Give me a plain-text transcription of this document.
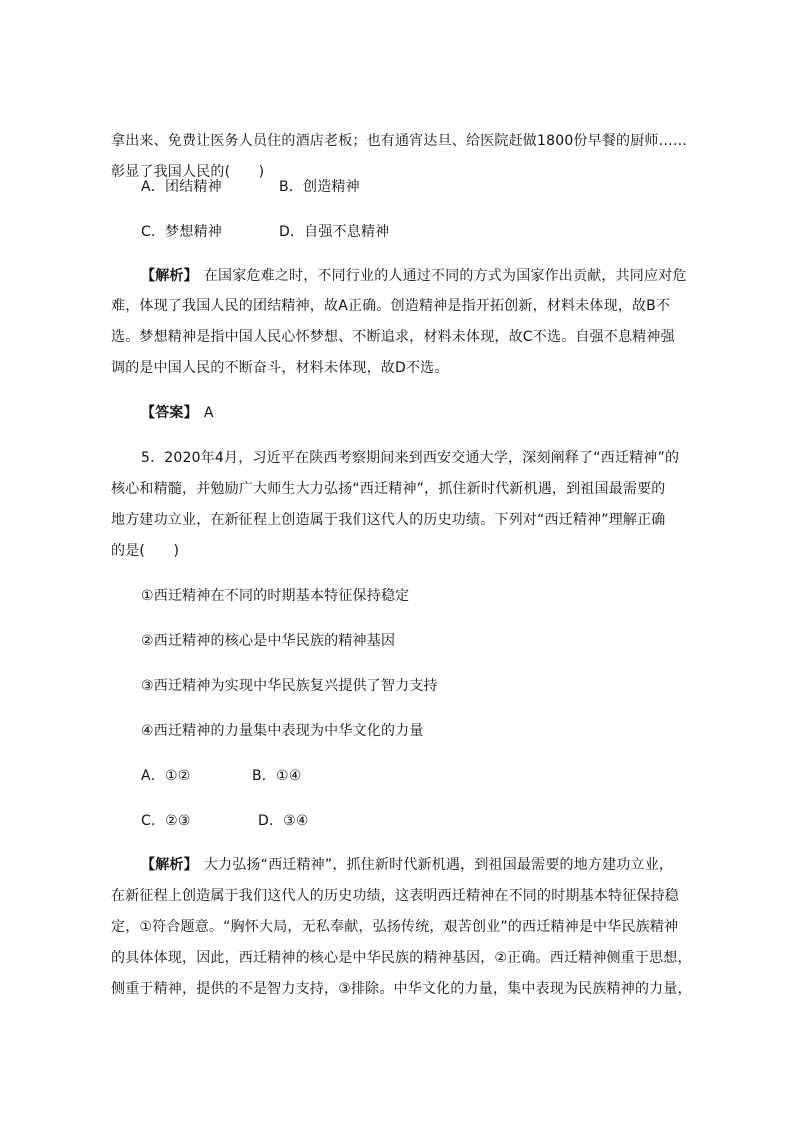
拿出来、免费让医务人员住的酒店老板；也有通宵达旦、给医院赶做1800份早餐的厨师……
彰显了我国人民的(　　)
A．团结精神	B．创造精神
C．梦想精神	D．自强不息精神
【解析】 在国家危难之时，不同行业的人通过不同的方式为国家作出贡献，共同应对危
难，体现了我国人民的团结精神，故A正确。创造精神是指开拓创新，材料未体现，故B不
选。梦想精神是指中国人民心怀梦想、不断追求，材料未体现，故C不选。自强不息精神强
调的是中国人民的不断奋斗，材料未体现，故D不选。
【答案】 A
5．2020年4月，习近平在陕西考察期间来到西安交通大学，深刻阐释了“西迁精神”的
核心和精髓，并勉励广大师生大力弘扬“西迁精神”，抓住新时代新机遇，到祖国最需要的
地方建功立业，在新征程上创造属于我们这代人的历史功绩。下列对“西迁精神”理解正确
的是(　　)
①西迁精神在不同的时期基本特征保持稳定
②西迁精神的核心是中华民族的精神基因
③西迁精神为实现中华民族复兴提供了智力支持
④西迁精神的力量集中表现为中华文化的力量
A．①②	B．①④
C．②③	D．③④
【解析】 大力弘扬“西迁精神”，抓住新时代新机遇，到祖国最需要的地方建功立业，
在新征程上创造属于我们这代人的历史功绩，这表明西迁精神在不同的时期基本特征保持稳
定，①符合题意。“胸怀大局，无私奉献，弘扬传统，艰苦创业”的西迁精神是中华民族精神
的具体体现，因此，西迁精神的核心是中华民族的精神基因，②正确。西迁精神侧重于思想，
侧重于精神，提供的不是智力支持，③排除。中华文化的力量，集中表现为民族精神的力量，
